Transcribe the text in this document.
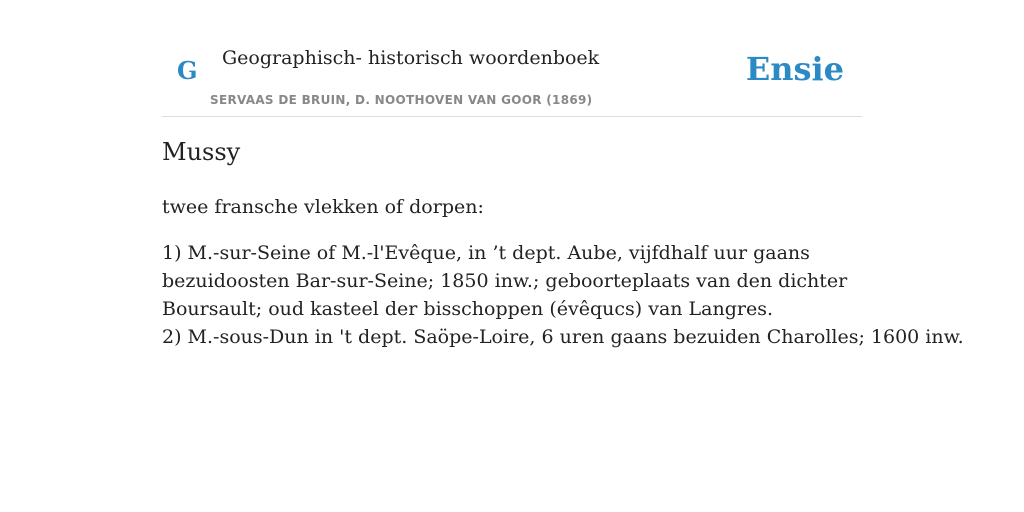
G Geographisch- historisch woordenboek
SERVAAS DE BRUIN, D. NOOTHOVEN VAN GOOR (1869)
Ensie
Mussy

twee fransche vlekken of dorpen:

1) M.-sur-Seine of M.-l'Evêque, in ’t dept. Aube, vijfdhalf uur gaans bezuidoosten Bar-sur-Seine; 1850 inw.; geboorteplaats van den dichter Boursault; oud kasteel der bisschoppen (évêqucs) van Langres.

2) M.-sous-Dun in 't dept. Saöpe-Loire, 6 uren gaans bezuiden Charolles; 1600 inw.
